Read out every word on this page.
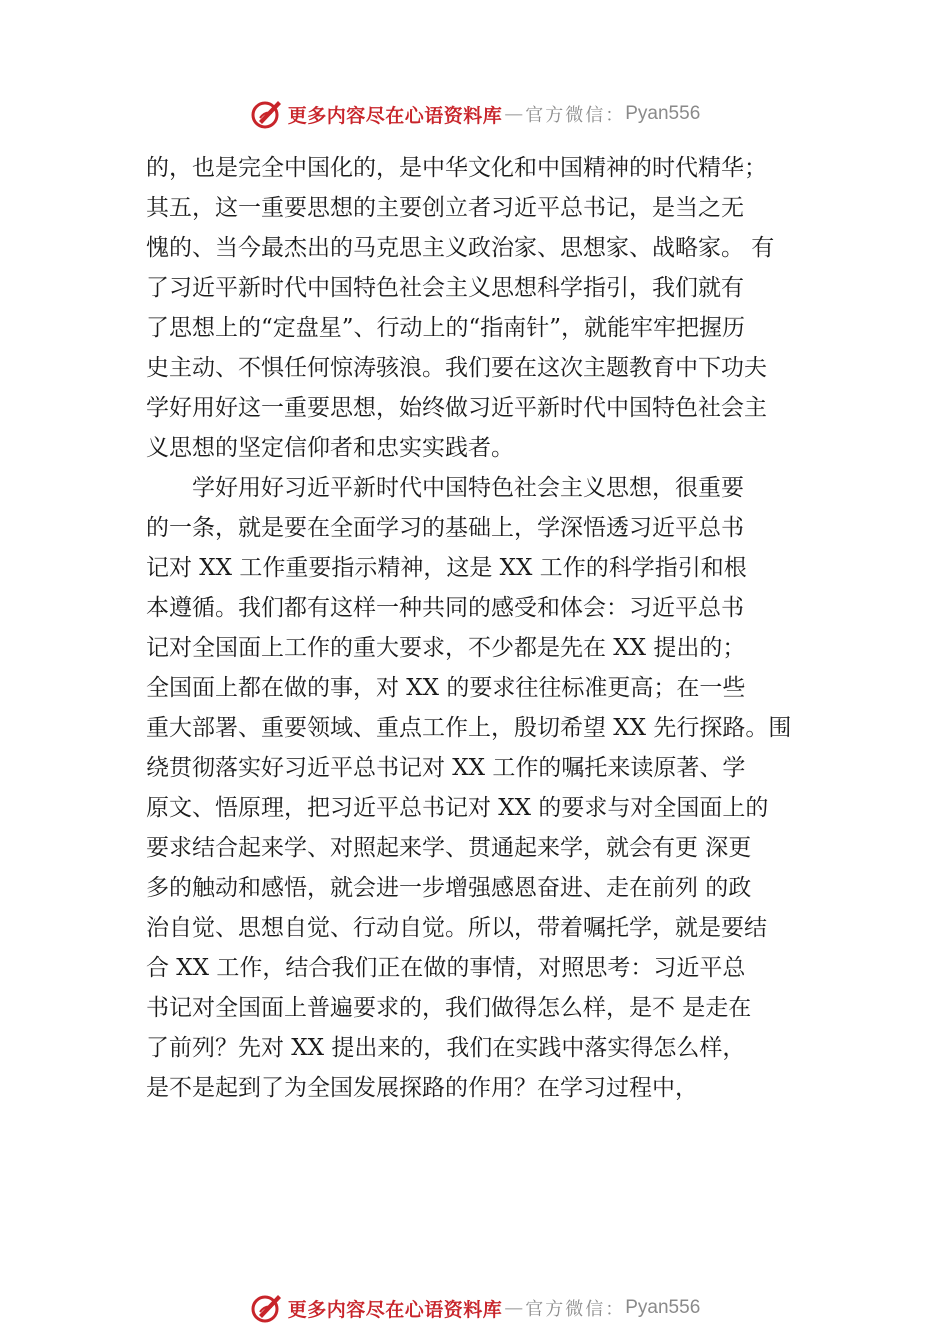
更多内容尽在心语资料库 — 官方微信： Pyan556
的，也是完全中国化的，是中华文化和中国精神的时代精华；
其五，这一重要思想的主要创立者习近平总书记，是当之无
愧的、当今最杰出的马克思主义政治家、思想家、战略家。 有
了习近平新时代中国特色社会主义思想科学指引，我们就有
了思想上的“定盘星”、行动上的“指南针”，就能牢牢把握历
史主动、不惧任何惊涛骇浪。我们要在这次主题教育中下功夫
学好用好这一重要思想，始终做习近平新时代中国特色社会主
义思想的坚定信仰者和忠实实践者。
　　学好用好习近平新时代中国特色社会主义思想，很重要
的一条，就是要在全面学习的基础上，学深悟透习近平总书
记对 XX 工作重要指示精神，这是 XX 工作的科学指引和根
本遵循。我们都有这样一种共同的感受和体会：习近平总书
记对全国面上工作的重大要求，不少都是先在 XX 提出的；
全国面上都在做的事，对 XX 的要求往往标准更高；在一些
重大部署、重要领域、重点工作上，殷切希望 XX 先行探路。围
绕贯彻落实好习近平总书记对 XX 工作的嘱托来读原著、学
原文、悟原理，把习近平总书记对 XX 的要求与对全国面上的
要求结合起来学、对照起来学、贯通起来学，就会有更 深更
多的触动和感悟，就会进一步增强感恩奋进、走在前列 的政
治自觉、思想自觉、行动自觉。所以，带着嘱托学，就是要结
合 XX 工作，结合我们正在做的事情，对照思考：习近平总
书记对全国面上普遍要求的，我们做得怎么样，是不 是走在
了前列？先对 XX 提出来的，我们在实践中落实得怎么样，
是不是起到了为全国发展探路的作用？在学习过程中，
更多内容尽在心语资料库 — 官方微信： Pyan556
